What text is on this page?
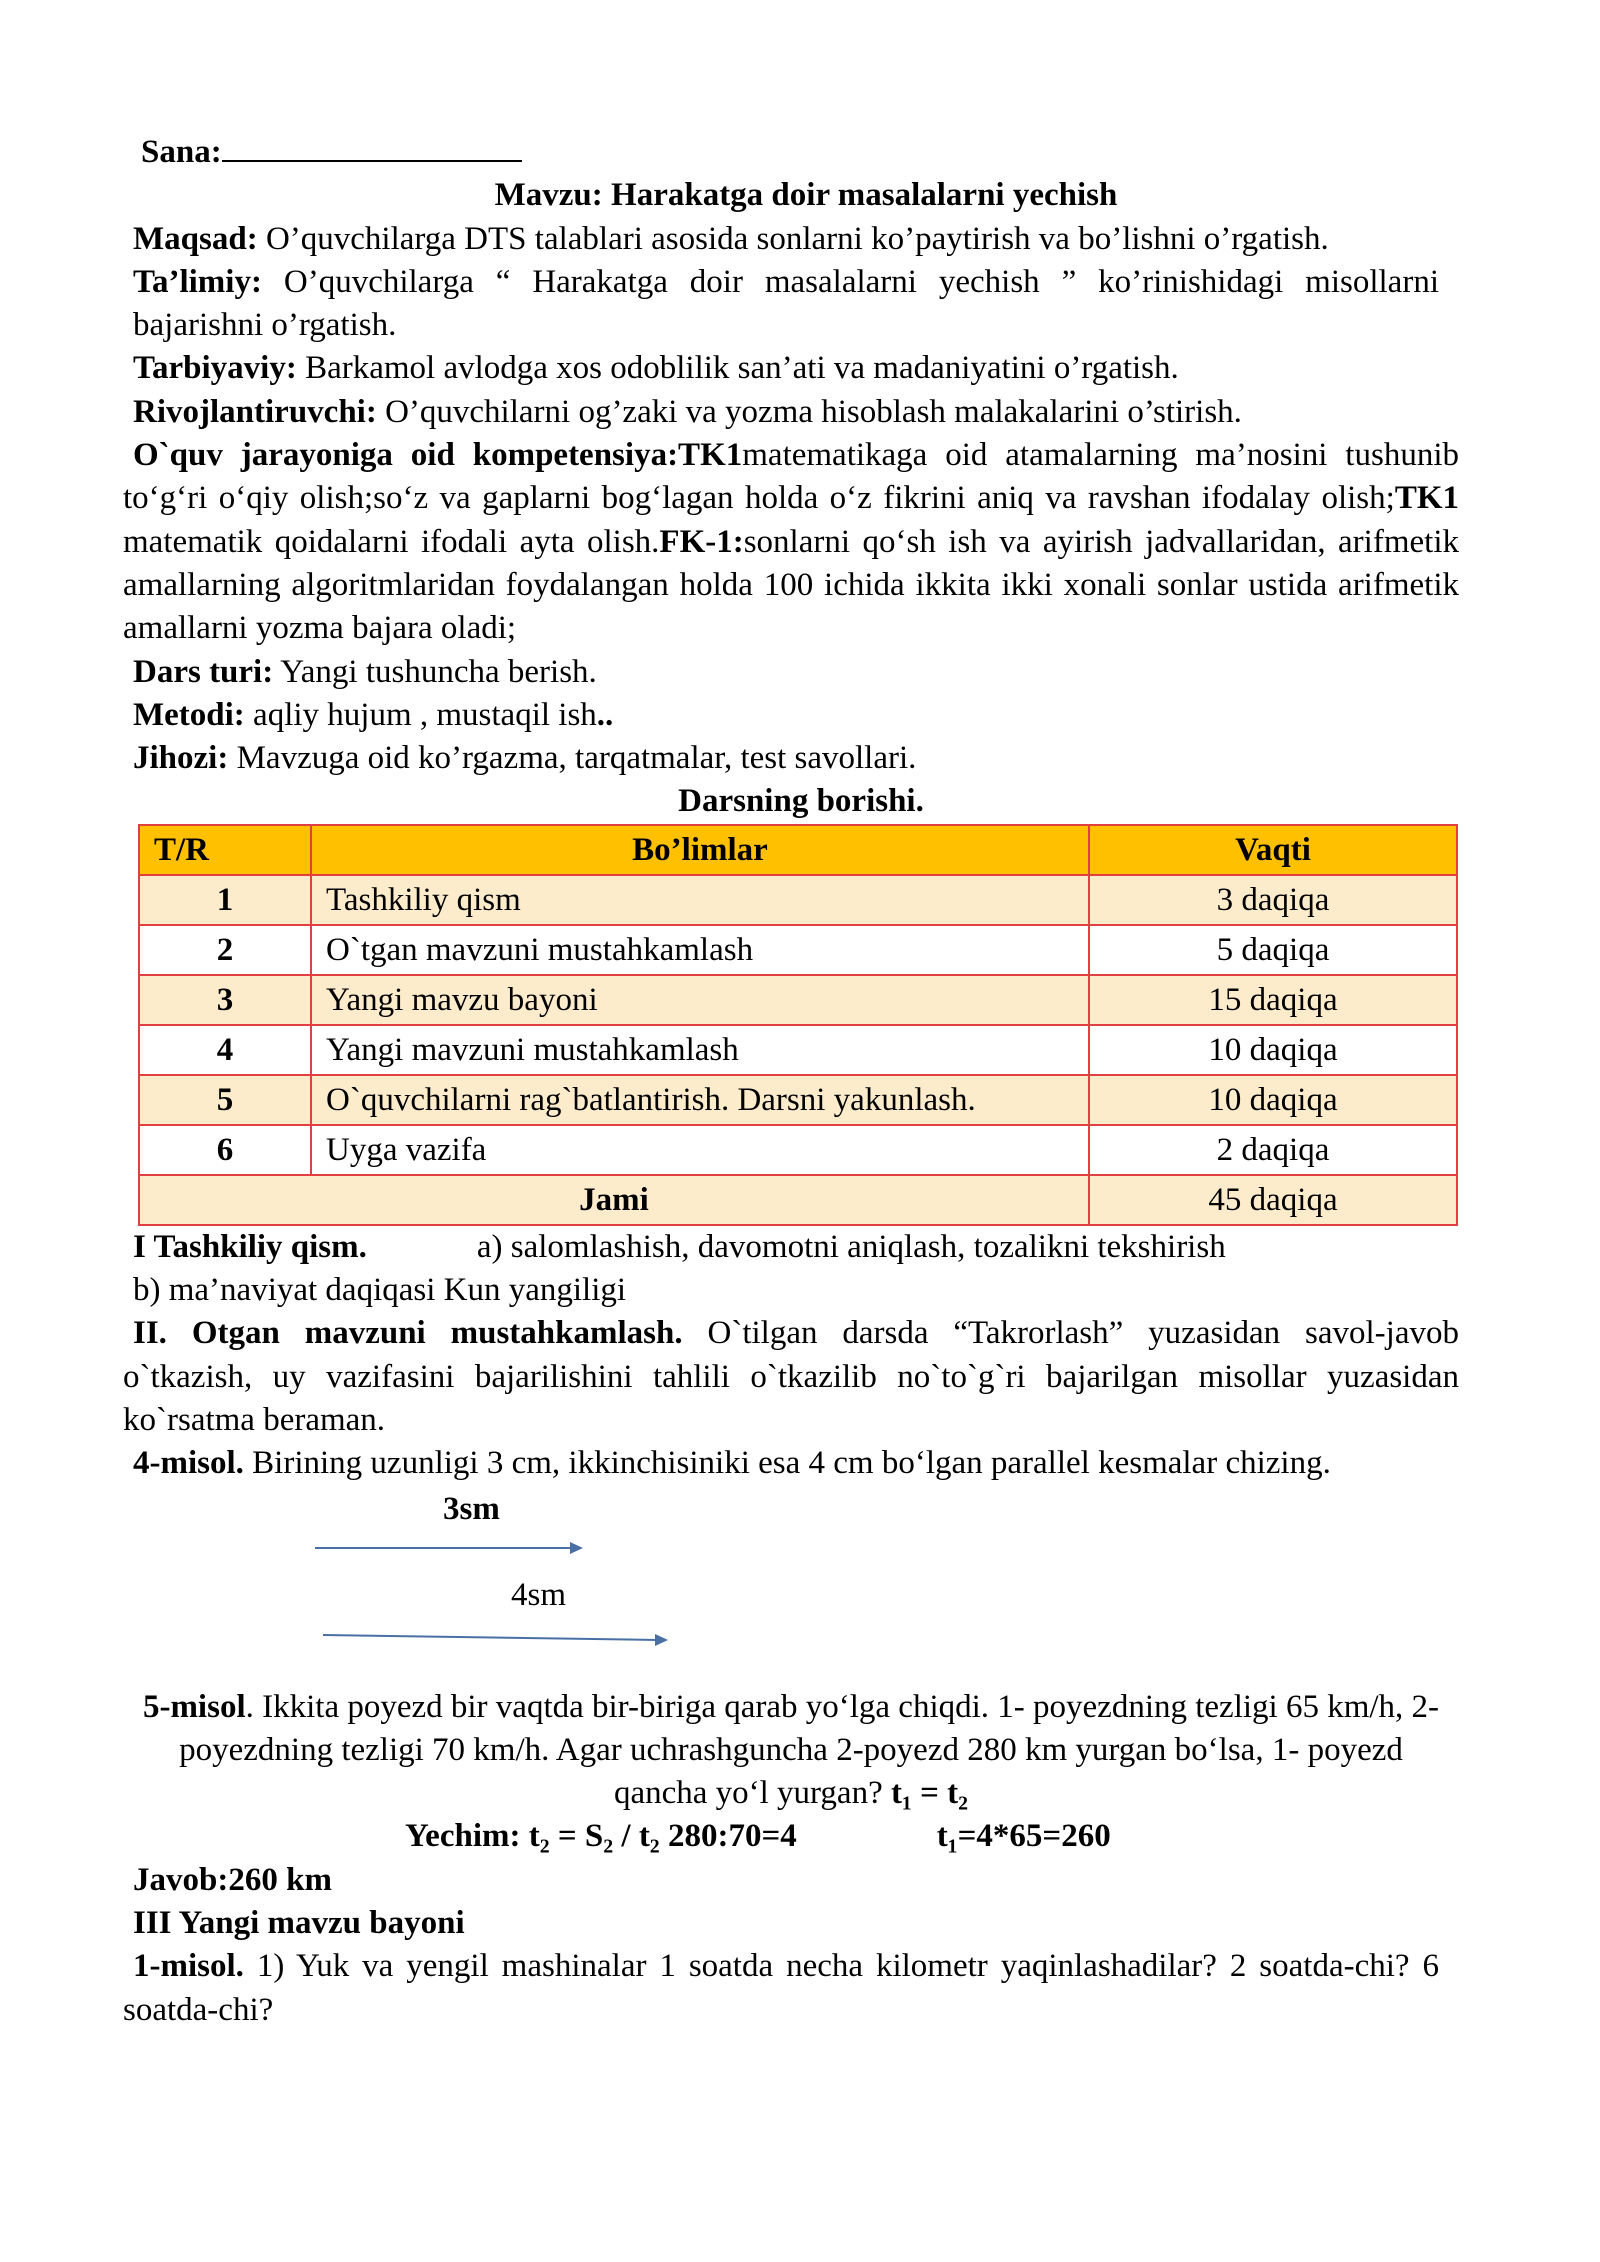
Sana:
Mavzu: Harakatga doir masalalarni yechish
Maqsad: O’quvchilarga DTS talablari asosida sonlarni ko’paytirish va bo’lishni o’rgatish.
Ta’limiy: O’quvchilarga “ Harakatga doir masalalarni yechish ” ko’rinishidagi misollarni bajarishni o’rgatish.
Tarbiyaviy: Barkamol avlodga xos odoblilik san’ati va madaniyatini o’rgatish.
Rivojlantiruvchi: O’quvchilarni og’zaki va yozma hisoblash malakalarini o’stirish.
O`quv jarayoniga oid kompetensiya:TK1matematikaga oid atamalarning ma’nosini tushunib to‘g‘ri o‘qiy olish;so‘z va gaplarni bog‘lagan holda o‘z fikrini aniq va ravshan ifodalay olish;TK1 matematik qoidalarni ifodali ayta olish.FK-1:sonlarni qo‘sh ish va ayirish jadvallaridan, arifmetik amallarning algoritmlaridan foydalangan holda 100 ichida ikkita ikki xonali sonlar ustida arifmetik amallarni yozma bajara oladi;
Dars turi: Yangi tushuncha berish.
Metodi: aqliy hujum , mustaqil ish..
Jihozi: Mavzuga oid ko’rgazma, tarqatmalar, test savollari.
Darsning borishi.
T/R	Bo’limlar	Vaqti
1	Tashkiliy qism	3 daqiqa
2	O`tgan mavzuni mustahkamlash	5 daqiqa
3	Yangi mavzu bayoni	15 daqiqa
4	Yangi mavzuni mustahkamlash	10 daqiqa
5	O`quvchilarni rag`batlantirish. Darsni yakunlash.	10 daqiqa
6	Uyga vazifa	2 daqiqa
Jami		45 daqiqa
I Tashkiliy qism.	a) salomlashish, davomotni aniqlash, tozalikni tekshirish
b) ma’naviyat daqiqasi Kun yangiligi
II. Otgan mavzuni mustahkamlash. O`tilgan darsda “Takrorlash” yuzasidan savol-javob o`tkazish, uy vazifasini bajarilishini tahlili o`tkazilib no`to`g`ri bajarilgan misollar yuzasidan ko`rsatma beraman.
4-misol. Birining uzunligi 3 cm, ikkinchisiniki esa 4 cm bo‘lgan parallel kesmalar chizing.
3sm
4sm
5-misol. Ikkita poyezd bir vaqtda bir-biriga qarab yo‘lga chiqdi. 1- poyezdning tezligi 65 km/h, 2- poyezdning tezligi 70 km/h. Agar uchrashguncha 2-poyezd 280 km yurgan bo‘lsa, 1- poyezd qancha yo‘l yurgan? t₁ = t₂
Yechim: t₂ = S₂ / t₂ 280:70=4	t₁=4*65=260
Javob:260 km
III Yangi mavzu bayoni
1-misol. 1) Yuk va yengil mashinalar 1 soatda necha kilometr yaqinlashadilar? 2 soatda-chi? 6 soatda-chi?
